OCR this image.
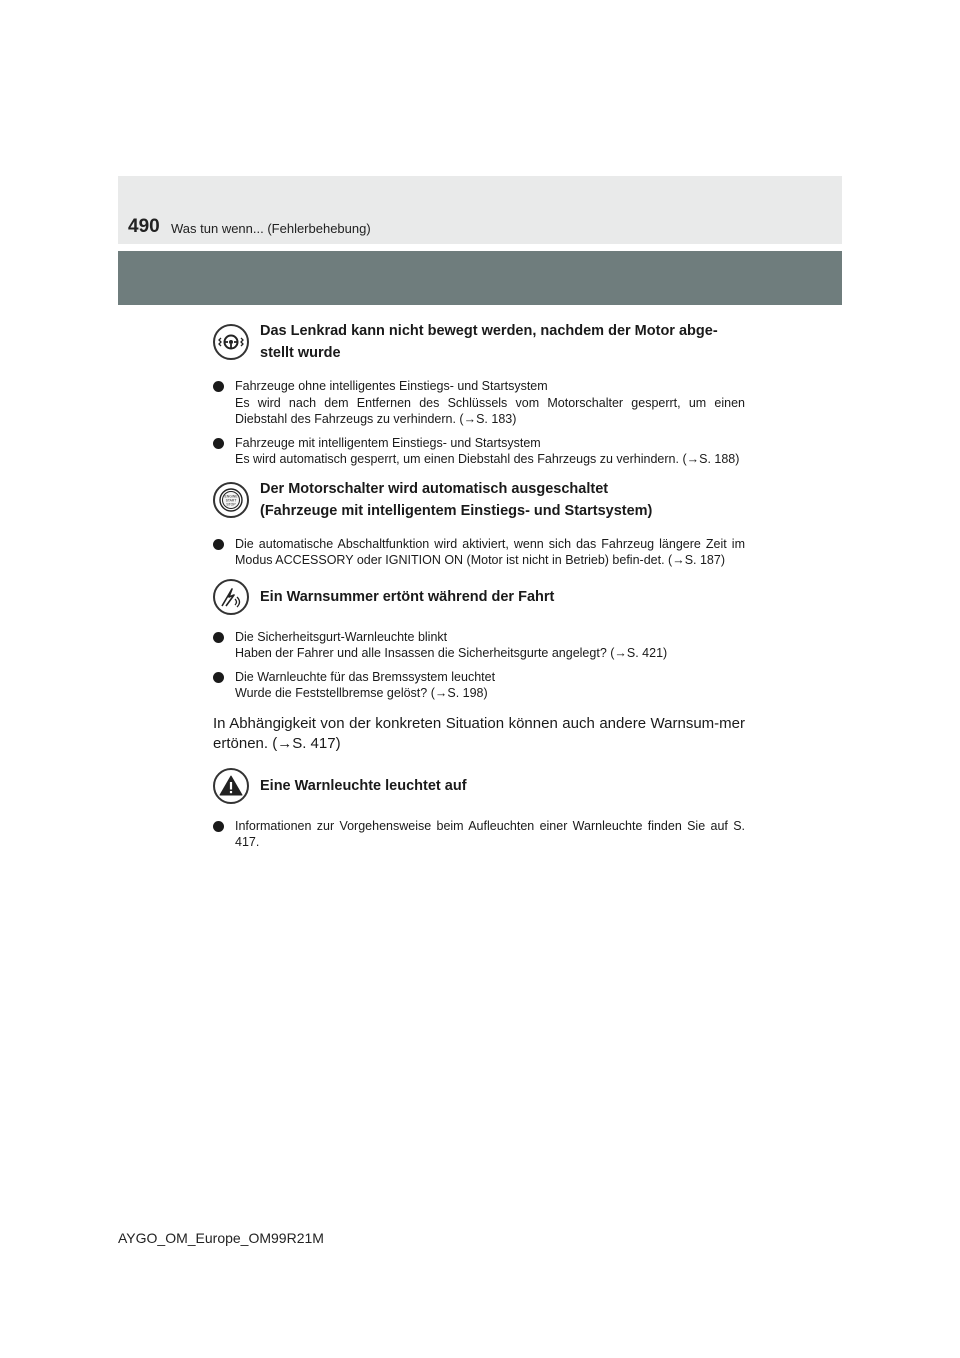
490 Was tun wenn... (Fehlerbehebung)
Das Lenkrad kann nicht bewegt werden, nachdem der Motor abge-
stellt wurde
Fahrzeuge ohne intelligentes Einstiegs- und Startsystem
Es wird nach dem Entfernen des Schlüssels vom Motorschalter gesperrt, um einen Diebstahl des Fahrzeugs zu verhindern. (→S. 183)
Fahrzeuge mit intelligentem Einstiegs- und Startsystem
Es wird automatisch gesperrt, um einen Diebstahl des Fahrzeugs zu verhindern. (→S. 188)
ENGINE
START
STOP
Der Motorschalter wird automatisch ausgeschaltet
(Fahrzeuge mit intelligentem Einstiegs- und Startsystem)
Die automatische Abschaltfunktion wird aktiviert, wenn sich das Fahrzeug längere Zeit im Modus ACCESSORY oder IGNITION ON (Motor ist nicht in Betrieb) befin-det. (→S. 187)
Ein Warnsummer ertönt während der Fahrt
Die Sicherheitsgurt-Warnleuchte blinkt
Haben der Fahrer und alle Insassen die Sicherheitsgurte angelegt? (→S. 421)
Die Warnleuchte für das Bremssystem leuchtet
Wurde die Feststellbremse gelöst? (→S. 198)
In Abhängigkeit von der konkreten Situation können auch andere Warnsum-mer ertönen. (→S. 417)
Eine Warnleuchte leuchtet auf
Informationen zur Vorgehensweise beim Aufleuchten einer Warnleuchte finden Sie auf S. 417.
AYGO_OM_Europe_OM99R21M
